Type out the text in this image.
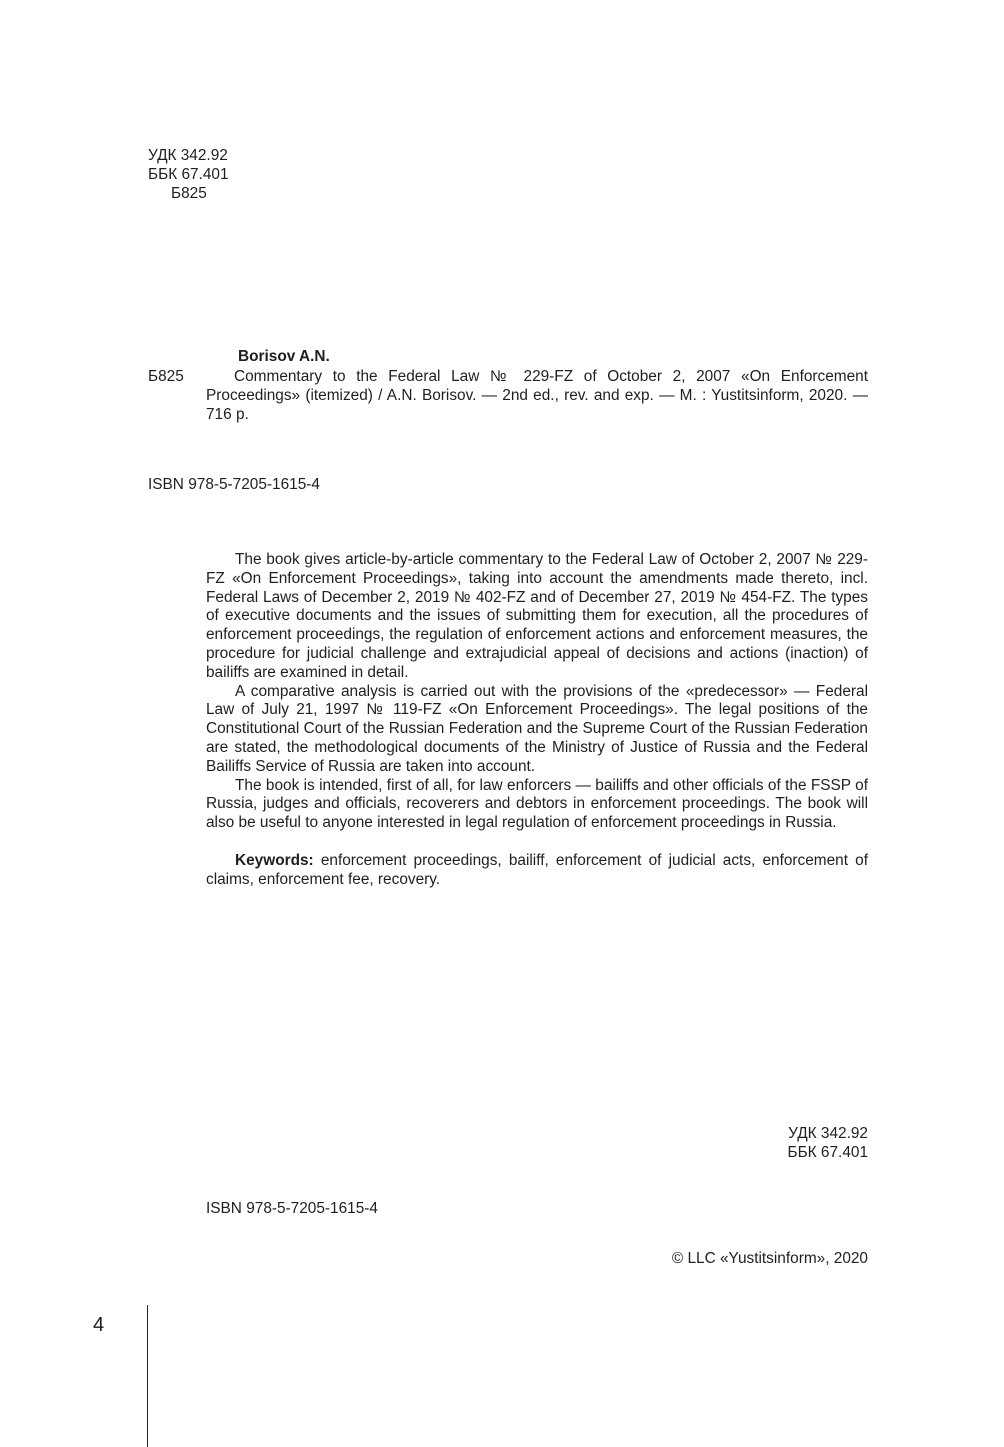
УДК 342.92
ББК 67.401
Б825
Borisov A.N.
Б825	Commentary to the Federal Law № 229-FZ of October 2, 2007 «On Enforcement Proceedings» (itemized) / A.N. Borisov. — 2nd ed., rev. and exp. — M. : Yustitsinform, 2020. — 716 p.
ISBN 978-5-7205-1615-4

The book gives article-by-article commentary to the Federal Law of October 2, 2007 № 229-FZ «On Enforcement Proceedings», taking into account the amendments made thereto, incl. Federal Laws of December 2, 2019 № 402-FZ and of December 27, 2019 № 454-FZ. The types of executive documents and the issues of submitting them for execution, all the procedures of enforcement proceedings, the regulation of enforcement actions and enforcement measures, the procedure for judicial challenge and extrajudicial appeal of decisions and actions (inaction) of bailiffs are examined in detail.

A comparative analysis is carried out with the provisions of the «predecessor» — Federal Law of July 21, 1997 № 119-FZ «On Enforcement Proceedings». The legal positions of the Constitutional Court of the Russian Federation and the Supreme Court of the Russian Federation are stated, the methodological documents of the Ministry of Justice of Russia and the Federal Bailiffs Service of Russia are taken into account.

The book is intended, first of all, for law enforcers — bailiffs and other officials of the FSSP of Russia, judges and officials, recoverers and debtors in enforcement proceedings. The book will also be useful to anyone interested in legal regulation of enforcement proceedings in Russia.

Keywords: enforcement proceedings, bailiff, enforcement of judicial acts, enforcement of claims, enforcement fee, recovery.

УДК 342.92
ББК 67.401
ISBN 978-5-7205-1615-4
© LLC «Yustitsinform», 2020
4
